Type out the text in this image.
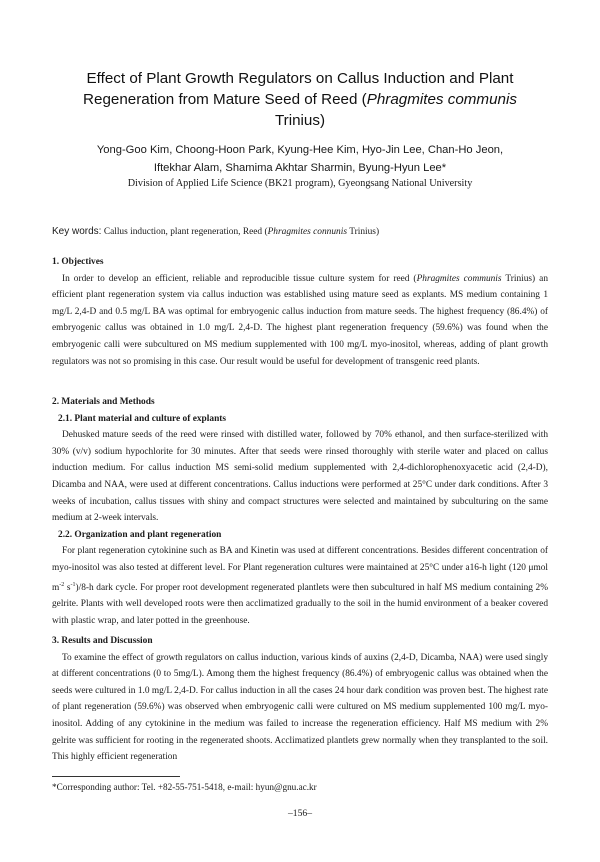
Effect of Plant Growth Regulators on Callus Induction and Plant
Regeneration from Mature Seed of Reed (Phragmites communis
Trinius)
Yong-Goo Kim, Choong-Hoon Park, Kyung-Hee Kim, Hyo-Jin Lee, Chan-Ho Jeon,
Iftekhar Alam, Shamima Akhtar Sharmin, Byung-Hyun Lee*
Division of Applied Life Science (BK21 program), Gyeongsang National University
Key words: Callus induction, plant regeneration, Reed (Phragmites connunis Trinius)
1. Objectives

In order to develop an efficient, reliable and reproducible tissue culture system for reed (Phragmites communis Trinius) an efficient plant regeneration system via callus induction was established using mature seed as explants. MS medium containing 1 mg/L 2,4-D and 0.5 mg/L BA was optimal for embryogenic callus induction from mature seeds. The highest frequency (86.4%) of embryogenic callus was obtained in 1.0 mg/L 2,4-D. The highest plant regeneration frequency (59.6%) was found when the embryogenic calli were subcultured on MS medium supplemented with 100 mg/L myo-inositol, whereas, adding of plant growth regulators was not so promising in this case. Our result would be useful for development of transgenic reed plants.

2. Materials and Methods
2.1. Plant material and culture of explants

Dehusked mature seeds of the reed were rinsed with distilled water, followed by 70% ethanol, and then surface-sterilized with 30% (v/v) sodium hypochlorite for 30 minutes. After that seeds were rinsed thoroughly with sterile water and placed on callus induction medium. For callus induction MS semi-solid medium supplemented with 2,4-dichlorophenoxyacetic acid (2,4-D), Dicamba and NAA, were used at different concentrations. Callus inductions were performed at 25°C under dark conditions. After 3 weeks of incubation, callus tissues with shiny and compact structures were selected and maintained by subculturing on the same medium at 2-week intervals.

2.2. Organization and plant regeneration

For plant regeneration cytokinine such as BA and Kinetin was used at different concentrations. Besides different concentration of myo-inositol was also tested at different level. For Plant regeneration cultures were maintained at 25°C under a16-h light (120 μmol $m^{-2}$ $s^{-1})/8-h$ dark cycle. For proper root development regenerated plantlets were then subcultured in half MS medium containing 2% gelrite. Plants with well developed roots were then acclimatized gradually to the soil in the humid environment of a beaker covered with plastic wrap, and later potted in the greenhouse.

3. Results and Discussion

To examine the effect of growth regulators on callus induction, various kinds of auxins (2,4-D, Dicamba, NAA) were used singly at different concentrations (0 to 5mg/L). Among them the highest frequency (86.4%) of embryogenic callus was obtained when the seeds were cultured in 1.0 mg/L 2,4-D. For callus induction in all the cases 24 hour dark condition was proven best. The highest rate of plant regeneration (59.6%) was observed when embryogenic calli were cultured on MS medium supplemented 100 mg/L myo-inositol. Adding of any cytokinine in the medium was failed to increase the regeneration efficiency. Half MS medium with 2% gelrite was sufficient for rooting in the regenerated shoots. Acclimatized plantlets grew normally when they transplanted to the soil. This highly efficient regeneration

*Corresponding author: Tel. +82-55-751-5418, e-mail: hyun@gnu.ac.kr
–156–
